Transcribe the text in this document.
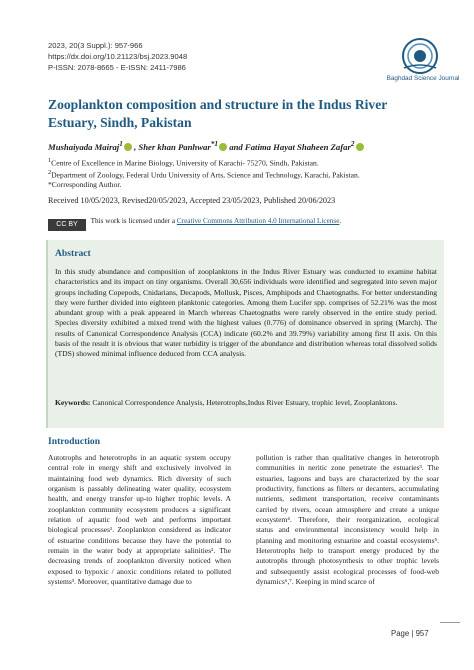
2023, 20(3 Suppl.): 957-966
https://dx.doi.org/10.21123/bsj.2023.9048
P-ISSN: 2078-8665 - E-ISSN: 2411-7986
Baghdad Science Journal
Zooplankton composition and structure in the Indus River Estuary, Sindh, Pakistan
Mushaiyada Mairaj$^1$ , Sher khan Panhwar$^{*1}$ and Fatima Hayat Shaheen Zafar$^2$
$^1$Centre of Excellence in Marine Biology, University of Karachi- 75270, Sindh, Pakistan.
$^2$Department of Zoology, Federal Urdu University of Arts, Science and Technology, Karachi, Pakistan.
*Corresponding Author.
Received 10/05/2023, Revised20/05/2023, Accepted 23/05/2023, Published 20/06/2023
CC BY This work is licensed under a Creative Commons Attribution 4.0 International License.
Abstract
In this study abundance and composition of zooplanktons in the Indus River Estuary was conducted to examine habitat characteristics and its impact on tiny organisms. Overall 30,656 individuals were identified and segregated into seven major groups including Copepods, Cnidarians, Decapods, Mollusk, Pisces, Amphipods and Chaetognaths. For better understanding they were further divided into eighteen planktonic categories. Among them Lucifer spp. comprises of 52.21% was the most abundant group with a peak appeared in March whereas Chaetognaths were rarely observed in the entire study period. Species diversity exhibited a mixed trend with the highest values (0.776) of dominance observed in spring (March). The results of Canonical Correspondence Analysis (CCA) indicate (60.2% and 39.79%) variability among first II axis. On this basis of the result it is obvious that water turbidity is trigger of the abundance and distribution whereas total dissolved solids (TDS) showed minimal influence deduced from CCA analysis.
Keywords: Canonical Correspondence Analysis, Heterotrophs,Indus River Estuary, trophic level, Zooplanktons.
Introduction
Autotrophs and heterotrophs in an aquatic system occupy central role in energy shift and exclusively involved in maintaining food web dynamics. Rich diversity of such organism is passably delineating water quality, ecosystem health, and energy transfer up-to higher trophic levels. A zooplankton community ecosystem produces a significant relation of aquatic food web and performs important biological processes¹. Zooplankton considered as indicator of estuarine conditions because they have the potential to remain in the water body at appropriate salinities². The decreasing trends of zooplankton diversity noticed when exposed to hypoxic / anoxic conditions related to polluted systems³. Moreover, quantitative damage due to
pollution is rather than qualitative changes in heterotroph communities in neritic zone penetrate the estuaries³. The estuaries, lagoons and bays are characterized by the soar productivity, functions as filters or decanters, accumulating nutrients, sediment transportation, receive contaminants carried by rivers, ocean atmosphere and create a unique ecosystem⁴. Therefore, their reorganization, ecological status and environmental inconsistency would help in planning and monitoring estuarine and coastal ecosystems⁵. Heterotrophs help to transport energy produced by the autotrophs through photosynthesis to other trophic levels and subsequently assist ecological processes of food-web dynamics⁶,⁷. Keeping in mind scarce of
Page | 957
